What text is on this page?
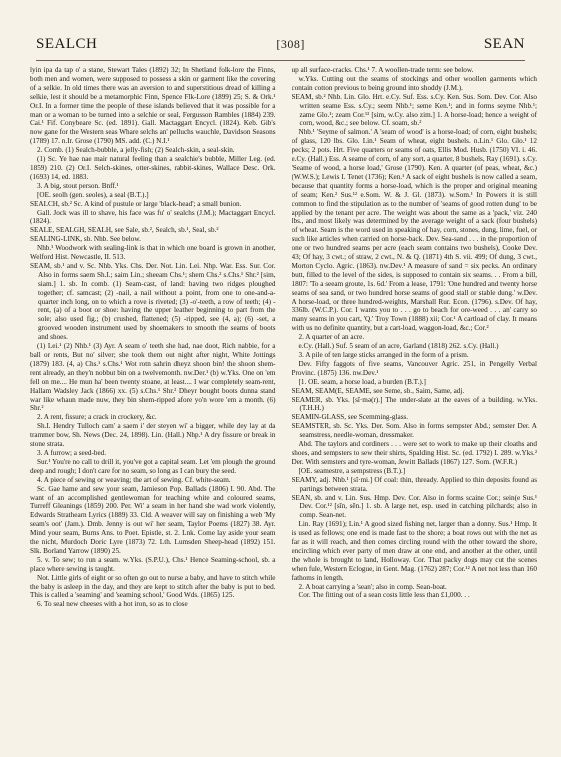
SEALCH	[308]	SEAN

lyin ipa da tap o' a stane, Stewart Tales (1892) 32; In Shetland folk-lore the Finns, both men and women, were supposed to possess a skin or garment like the covering of a selkie. In old times there was an aversion to and superstitious dread of killing a selkie, lest it should be a metamorphic Finn, Spence Flk-Lore (1899) 25; S. & Ork.¹ Or.I. In a former time the people of these islands believed that it was possible for a man or a woman to be turned into a selchie or seal, Fergusson Rambles (1884) 239. Cai.¹ Fif. Conybeare Sc. (ed. 1891). Gall. Mactaggart Encycl. (1824). Keb. Gib's now gane for the Western seas Whare selchs an' pelluchs wauchle, Davidson Seasons (1789) 17. n.Ir. Grose (1790) MS. add. (C.) N.I.¹

2. Comb. (1) Sealch-bubble, a jelly-fish; (2) Sealch-skin, a seal-skin.

(1) Sc. Ye hae nae mair natural feeling than a sealchie's bubble, Miller Leg. (ed. 1859) 210. (2) Or.I. Selch-skines, otter-skines, rabbit-skines, Wallace Desc. Ork. (1693) 14, ed. 1883.

3. A big, stout person. Bnff.¹

[OE. seolh (gen. seoles), a seal (B.T.).]

SEALCH, sb.² Sc. A kind of pustule or large 'black-head'; a small bunion.

Gall. Jock was ill to shave, his face was fu' o' sealchs (J.M.); Mactaggart Encycl. (1824).

SEALE, SEALGH, SEALH, see Sale, sb.², Sealch, sb.¹, Seal, sb.²

SEALING-LINK, sb. Nhb. See below.

Nhb.¹ Woodwork with sealing-link is that in which one board is grown in another, Welford Hist. Newcastle, II. 513.

SEAM, sb.¹ and v. Sc. Nhb. Yks. Chs. Der. Not. Lin. Lei. Nhp. War. Ess. Sur. Cor. Also in forms saem Sh.I.; saim Lin.; sheeam Chs.¹; shem Chs.² s.Chs.¹ Shr.² [sim, siam.] 1. sb. In comb. (1) Seam-cast, of land: having two ridges ploughed together; cf. samcast; (2) -nail, a nail without a point, from one to one-and-a-quarter inch long, on to which a rove is riveted; (3) -o'-teeth, a row of teeth; (4) -rent, (a) of a boot or shoe: having the upper leather beginning to part from the sole; also used fig.; (b) crushed, flattened; (5) -ripped, see (4, a); (6) -set, a grooved wooden instrument used by shoemakers to smooth the seams of boots and shoes.

(1) Lei.¹ (2) Nhb.¹ (3) Ayr. A seam o' teeth she had, nae doot, Rich nabbie, for a ball or rents, But no' silver; she took them out night after night, White Jottings (1879) 183. (4, a) Chs.¹ s.Chs.¹ Wot rotn sahrin dheyz shoon bin! the shoon shem-rent already, an they'n nobbut bin on a twelvemonth. nw.Der.¹ (b) w.Yks. One on 'em fell on me.... He mun ha' been twenty stoane, at least.... I war completely seam-rent, Hallam Wadsley Jack (1866) xx. (5) s.Chs.¹ Shr.² Dheyr bought boots dunna stand war like whaun made nuw, they bin shem-ripped afore yo'n wore 'em a month. (6) Shr.²

2. A rent, fissure; a crack in crockery, &c.

Sh.I. Hendry Tulloch cam' a saem i' der steyen wi' a bigger, while dey lay at da trammer bow, Sh. News (Dec. 24, 1898). Lin. (Hall.) Nhp.¹ A dry fissure or break in stone strata.

3. A furrow; a seed-bed.

Sur.¹ You're no call to drill it, you've got a capital seam. Let 'em plough the ground deep and rough; I don't care for no seam, so long as I can bury the seed.

4. A piece of sewing or weaving; the art of sewing. Cf. white-seam.

Sc. Gae hame and sew your seam, Jamieson Pop. Ballads (1806) I. 90. Abd. The want of an accomplished gentlewoman for teaching white and coloured seams, Turreff Gleanings (1859) 200. Per. Wi' a seam in her hand she wad work violently, Edwards Strathearn Lyrics (1889) 33. Cld. A weaver will say on finishing a web 'My seam's oot' (Jam.). Dmb. Jenny is out wi' her seam, Taylor Poems (1827) 38. Ayr. Mind your seam, Burns Ans. to Poet. Epistle, st. 2. Lnk. Come lay aside your seam the nicht, Murdoch Doric Lyre (1873) 72. Lth. Lumsden Sheep-head (1892) 151. Slk. Borland Yarrow (1890) 25.

5. v. To sew; to run a seam. w.Yks. (S.P.U.), Chs.¹ Hence Seaming-school, sb. a place where sewing is taught.

Not. Little girls of eight or so often go out to nurse a baby, and have to stitch while the baby is asleep in the day, and they are kept to stitch after the baby is put to bed. This is called a 'seaming' and 'seaming school,' Good Wds. (1865) 125.

6. To seal new cheeses with a hot iron, so as to close

up all surface-cracks. Chs.¹ 7. A woollen-trade term: see below.

w.Yks. Cutting out the seams of stockings and other woollen garments which contain cotton previous to being ground into shoddy (J.M.).

SEAM, sb.² Nhb. Lin. Glo. Hrt. e.Cy. Suf. Ess. s.Cy. Ken. Sus. Som. Dev. Cor. Also written seame Ess. s.Cy.; seem Nhb.¹; seme Ken.¹; and in forms seyme Nhb.¹; zame Glo.¹; zeam Cor.¹² [sim, w.Cy. also zim.] 1. A horse-load; hence a weight of corn, wood, &c.; see below. Cf. soam, sb.²

Nhb.¹ 'Seyme of salmon.' A 'seam of wood' is a horse-load; of corn, eight bushels; of glass, 120 lbs. Glo. Lin.¹ Seam of wheat, eight bushels. n.Lin.¹ Glo. Glo.¹ 12 pecks; 2 pots. Hrt. Five quarters or seams of oats, Ellis Mod. Husb. (1750) VI. i. 46. e.Cy. (Hall.) Ess. A seame of corn, of any sort, a quarter, 8 bushels, Ray (1691). s.Cy. 'Seame of wood, a horse load,' Grose (1790). Ken. A quarter (of peas, wheat, &c.) (W.W.S.); Lewis I. Tenet (1736); Ken.¹ A sack of eight bushels is now called a seam, because that quantity forms a horse-load, which is the proper and original meaning of seam; Ken.² Sus.¹² e.Som. W. & J. Gl. (1873). w.Som.¹ In Powers it is still common to find the stipulation as to the number of 'seams of good rotten dung' to be applied by the tenant per acre. The weight was about the same as a 'pack,' viz. 240 lbs., and most likely was determined by the average weight of a sack (four bushels) of wheat. Seam is the word used in speaking of hay, corn, stones, dung, lime, fuel, or such like articles when carried on horse-back. Dev. Sea-sand . . . in the proportion of one or two hundred seams per acre (each seam contains two bushels), Cooke Dev. 43; Of hay, 3 cwt.; of straw, 2 cwt., N. & Q. (1871) 4th S. vii. 499; Of dung, 3 cwt., Morton Cyclo. Agric. (1863). nw.Dev.¹ A measure of sand = six pecks. An ordinary butt, filled to the level of the sides, is supposed to contain six seams. . . From a bill, 1807: 'To a seeam groute, 1s. 6d.' From a lease, 1791: 'One hundred and twenty horse seams of sea sand, or two hundred horse seams of good stall or stable dung.' w.Dev. A horse-load, or three hundred-weights, Marshall Rur. Econ. (1796). s.Dev. Of hay, 336lb. (W.C.P.). Cor. I wants you to . . . go to beach for ore-weed . . . an' carry so many seams in you cart, 'Q.' Troy Town (1888) xii; Cor.¹ A cartload of clay. It means with us no definite quantity, but a cart-load, waggon-load, &c.; Cor.²

2. A quarter of an acre.

e.Cy. (Hall.) Suf. 5 seam of an acre, Garland (1818) 262. s.Cy. (Hall.)

3. A pile of ten large sticks arranged in the form of a prism.

Dev. Fifty faggots of five seams, Vancouver Agric. 251, in Pengelly Verbal Provinc. (1875) 136. nw.Dev.¹

[1. OE. seam, a horse load, a burden (B.T.).]

SEAM, SEAM(E, SEAME, see Seme, sb., Saim, Same, adj.

SEAMER, sb. Yks. [sī·mə(r).] The under-slate at the eaves of a building. w.Yks. (T.H.H.)

SEAMIN-GLASS, see Scemming-glass.

SEAMSTER, sb. Sc. Yks. Der. Som. Also in forms sempster Abd.; semster Der. A seamstress, needle-woman, dressmaker.

Abd. The taylors and cordiners . . . were set to work to make up their cloaths and shoes, and sempsters to sew their shirts, Spalding Hist. Sc. (ed. 1792) I. 289. w.Yks.² Der. With semsters and tyre-woman, Jewitt Ballads (1867) 127. Som. (W.F.R.)

[OE. seamestre, a sempstress (B.T.).]

SEAMY, adj. Nhb.¹ [sī·mi.] Of coal: thin, thready. Applied to thin deposits found as partings between strata.

SEAN, sb. and v. Lin. Sus. Hmp. Dev. Cor. Also in forms scaine Cor.; sein(e Sus.¹ Dev. Cor.¹² [sīn, sēn.] 1. sb. A large net, esp. used in catching pilchards; also in comp. Sean-net.

Lin. Ray (1691); Lin.¹ A good sized fishing net, larger than a donny. Sus.¹ Hmp. It is used as fellows; one end is made fast to the shore; a boat rows out with the net as far as it will reach, and then comes circling round with the other toward the shore, encircling which ever party of men draw at one end, and another at the other, until the whole is brought to land, Holloway. Cor. That packy dogs may cut the scenes when fule, Western Eclogue, in Gent. Mag. (1762) 287; Cor.¹² A net not less than 160 fathoms in length.

2. A boat carrying a 'sean'; also in comp. Sean-boat.

Cor. The fitting out of a sean costs little less than £1,000. . .
